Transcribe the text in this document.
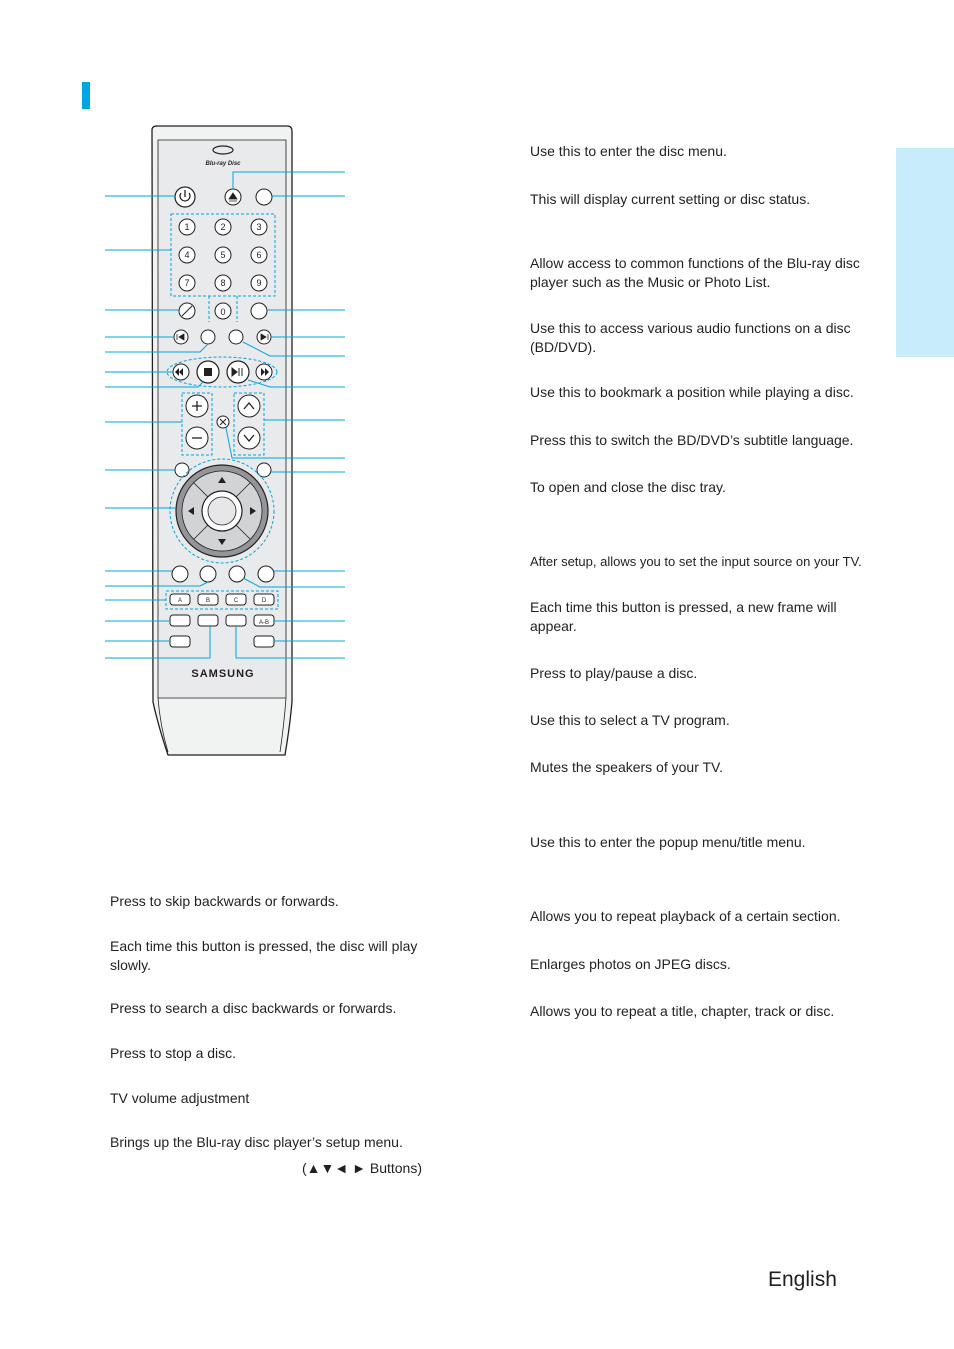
Blu-ray Disc
1	2	3
4	5	6
7	8	9
0
A	B	C	D
A-B
SAMSUNG

Use this to enter the disc menu.

This will display current setting or disc status.

Allow access to common functions of the Blu-ray disc player such as the Music or Photo List.

Use this to access various audio functions on a disc (BD/DVD).

Use this to bookmark a position while playing a disc.

Press this to switch the BD/DVD’s subtitle language.

To open and close the disc tray.

After setup, allows you to set the input source on your TV.

Each time this button is pressed, a new frame will appear.

Press to play/pause a disc.

Use this to select a TV program.

Mutes the speakers of your TV.

Use this to enter the popup menu/title menu.

Allows you to repeat playback of a certain section.

Enlarges photos on JPEG discs.

Allows you to repeat a title, chapter, track or disc.

Press to skip backwards or forwards.

Each time this button is pressed, the disc will play slowly.

Press to search a disc backwards or forwards.

Press to stop a disc.

TV volume adjustment

Brings up the Blu-ray disc player’s setup menu.

(▲▼◄ ► Buttons)

English
